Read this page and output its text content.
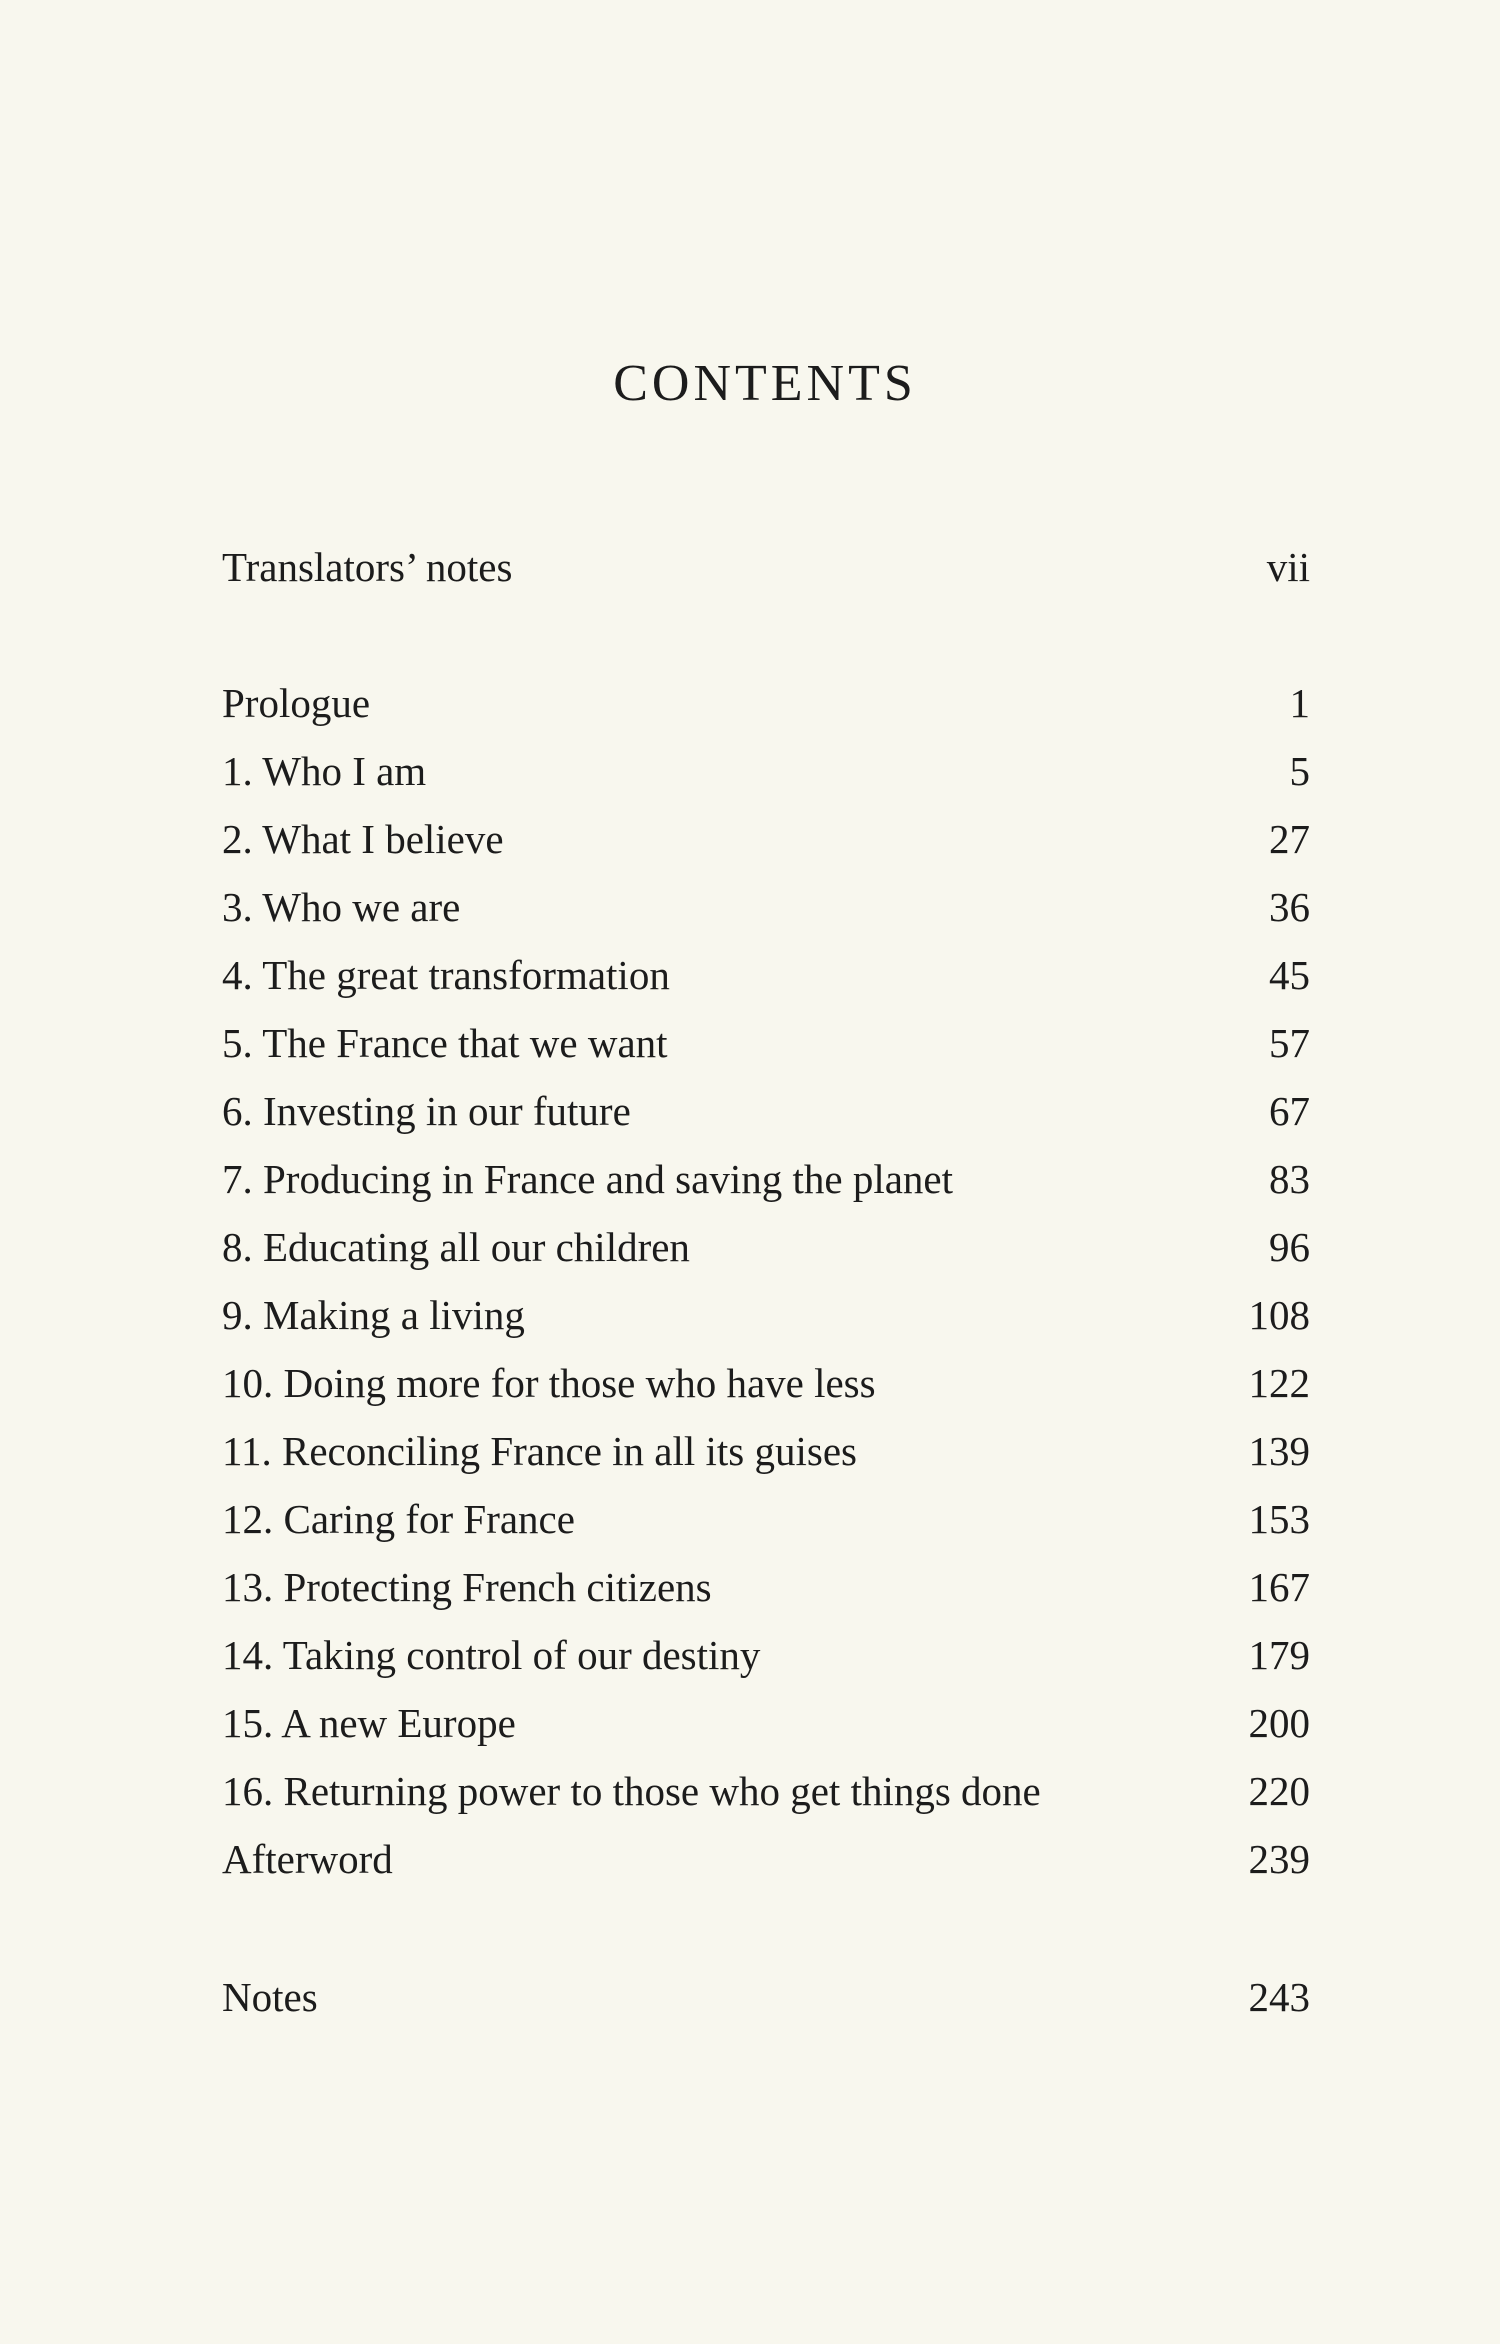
CONTENTS
Translators’ notes	vii
Prologue	1
1. Who I am	5
2. What I believe	27
3. Who we are	36
4. The great transformation	45
5. The France that we want	57
6. Investing in our future	67
7. Producing in France and saving the planet	83
8. Educating all our children	96
9. Making a living	108
10. Doing more for those who have less	122
11. Reconciling France in all its guises	139
12. Caring for France	153
13. Protecting French citizens	167
14. Taking control of our destiny	179
15. A new Europe	200
16. Returning power to those who get things done	220
Afterword	239
Notes	243
